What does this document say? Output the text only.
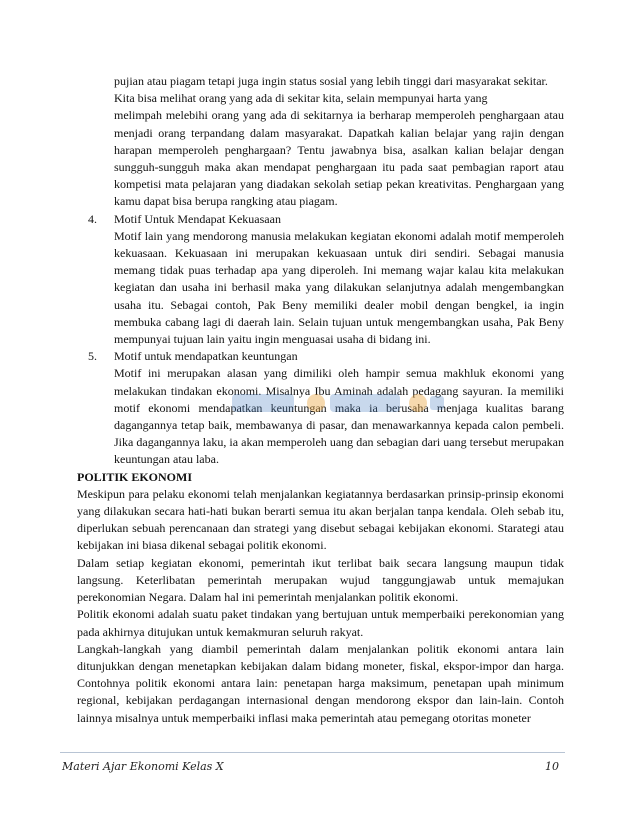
pujian atau piagam tetapi juga ingin status sosial yang lebih tinggi dari masyarakat sekitar.

Kita bisa melihat orang yang ada di sekitar kita, selain mempunyai harta yang

melimpah melebihi orang yang ada di sekitarnya ia berharap memperoleh penghargaan atau menjadi orang terpandang dalam masyarakat. Dapatkah kalian belajar yang rajin dengan harapan memperoleh penghargaan? Tentu jawabnya bisa, asalkan kalian belajar dengan sungguh-sungguh maka akan mendapat penghargaan itu pada saat pembagian raport atau kompetisi mata pelajaran yang diadakan sekolah setiap pekan kreativitas. Penghargaan yang kamu dapat bisa berupa rangking atau piagam.

4. Motif Untuk Mendapat Kekuasaan

Motif lain yang mendorong manusia melakukan kegiatan ekonomi adalah motif memperoleh kekuasaan. Kekuasaan ini merupakan kekuasaan untuk diri sendiri. Sebagai manusia memang tidak puas terhadap apa yang diperoleh. Ini memang wajar kalau kita melakukan kegiatan dan usaha ini berhasil maka yang dilakukan selanjutnya adalah mengembangkan usaha itu. Sebagai contoh, Pak Beny memiliki dealer mobil dengan bengkel, ia ingin membuka cabang lagi di daerah lain. Selain tujuan untuk mengembangkan usaha, Pak Beny mempunyai tujuan lain yaitu ingin menguasai usaha di bidang ini.

5. Motif untuk mendapatkan keuntungan

Motif ini merupakan alasan yang dimiliki oleh hampir semua makhluk ekonomi yang melakukan tindakan ekonomi. Misalnya Ibu Aminah adalah pedagang sayuran. Ia memiliki motif ekonomi mendapatkan keuntungan maka ia berusaha menjaga kualitas barang dagangannya tetap baik, membawanya di pasar, dan menawarkannya kepada calon pembeli. Jika dagangannya laku, ia akan memperoleh uang dan sebagian dari uang tersebut merupakan keuntungan atau laba.

POLITIK EKONOMI

Meskipun para pelaku ekonomi telah menjalankan kegiatannya berdasarkan prinsip-prinsip ekonomi yang dilakukan secara hati-hati bukan berarti semua itu akan berjalan tanpa kendala. Oleh sebab itu, diperlukan sebuah perencanaan dan strategi yang disebut sebagai kebijakan ekonomi. Starategi atau kebijakan ini biasa dikenal sebagai politik ekonomi.

Dalam setiap kegiatan ekonomi, pemerintah ikut terlibat baik secara langsung maupun tidak langsung. Keterlibatan pemerintah merupakan wujud tanggungjawab untuk memajukan perekonomian Negara. Dalam hal ini pemerintah menjalankan politik ekonomi.

Politik ekonomi adalah suatu paket tindakan yang bertujuan untuk memperbaiki perekonomian yang pada akhirnya ditujukan untuk kemakmuran seluruh rakyat.

Langkah-langkah yang diambil pemerintah dalam menjalankan politik ekonomi antara lain ditunjukkan dengan menetapkan kebijakan dalam bidang moneter, fiskal, ekspor-impor dan harga. Contohnya politik ekonomi antara lain: penetapan harga maksimum, penetapan upah minimum regional, kebijakan perdagangan internasional dengan mendorong ekspor dan lain-lain. Contoh lainnya misalnya untuk memperbaiki inflasi maka pemerintah atau pemegang otoritas moneter

Materi Ajar Ekonomi Kelas X	10
